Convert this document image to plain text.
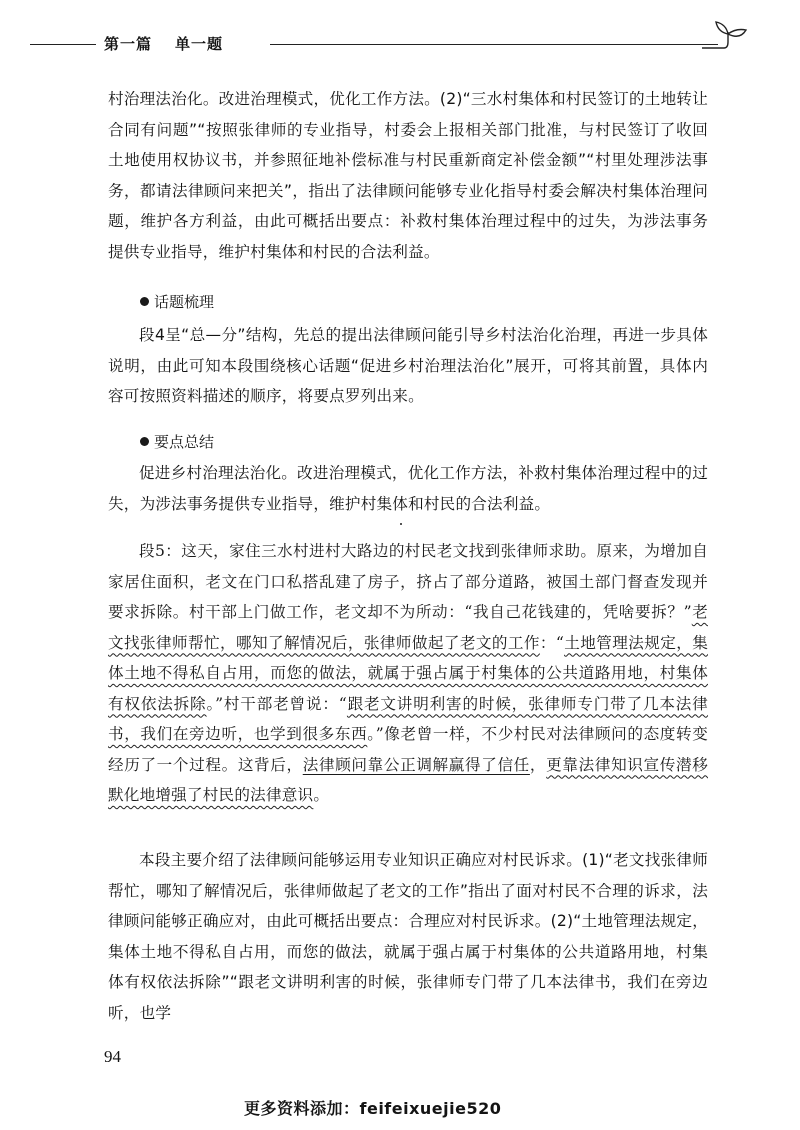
第一篇 单一题

村治理法治化。改进治理模式，优化工作方法。(2)“三水村集体和村民签订的土地转让合同有问题”“按照张律师的专业指导，村委会上报相关部门批准，与村民签订了收回土地使用权协议书，并参照征地补偿标准与村民重新商定补偿金额”“村里处理涉法事务，都请法律顾问来把关”，指出了法律顾问能够专业化指导村委会解决村集体治理问题，维护各方利益，由此可概括出要点：补救村集体治理过程中的过失，为涉法事务提供专业指导，维护村集体和村民的合法利益。

话题梳理

段4呈“总—分”结构，先总的提出法律顾问能引导乡村法治化治理，再进一步具体说明，由此可知本段围绕核心话题“促进乡村治理法治化”展开，可将其前置，具体内容可按照资料描述的顺序，将要点罗列出来。

要点总结

促进乡村治理法治化。改进治理模式，优化工作方法，补救村集体治理过程中的过失，为涉法事务提供专业指导，维护村集体和村民的合法利益。

段5：这天，家住三水村进村大路边的村民老文找到张律师求助。原来，为增加自家居住面积，老文在门口私搭乱建了房子，挤占了部分道路，被国土部门督查发现并要求拆除。村干部上门做工作，老文却不为所动：“我自己花钱建的，凭啥要拆？”老文找张律师帮忙，哪知了解情况后，张律师做起了老文的工作：“土地管理法规定，集体土地不得私自占用，而您的做法，就属于强占属于村集体的公共道路用地，村集体有权依法拆除。”村干部老曾说：“跟老文讲明利害的时候，张律师专门带了几本法律书，我们在旁边听，也学到很多东西。”像老曾一样，不少村民对法律顾问的态度转变经历了一个过程。这背后，法律顾问靠公正调解赢得了信任，更靠法律知识宣传潜移默化地增强了村民的法律意识。

本段主要介绍了法律顾问能够运用专业知识正确应对村民诉求。(1)“老文找张律师帮忙，哪知了解情况后，张律师做起了老文的工作”指出了面对村民不合理的诉求，法律顾问能够正确应对，由此可概括出要点：合理应对村民诉求。(2)“土地管理法规定，集体土地不得私自占用，而您的做法，就属于强占属于村集体的公共道路用地，村集体有权依法拆除”“跟老文讲明利害的时候，张律师专门带了几本法律书，我们在旁边听，也学

94
更多资料添加：feifeixuejie520
